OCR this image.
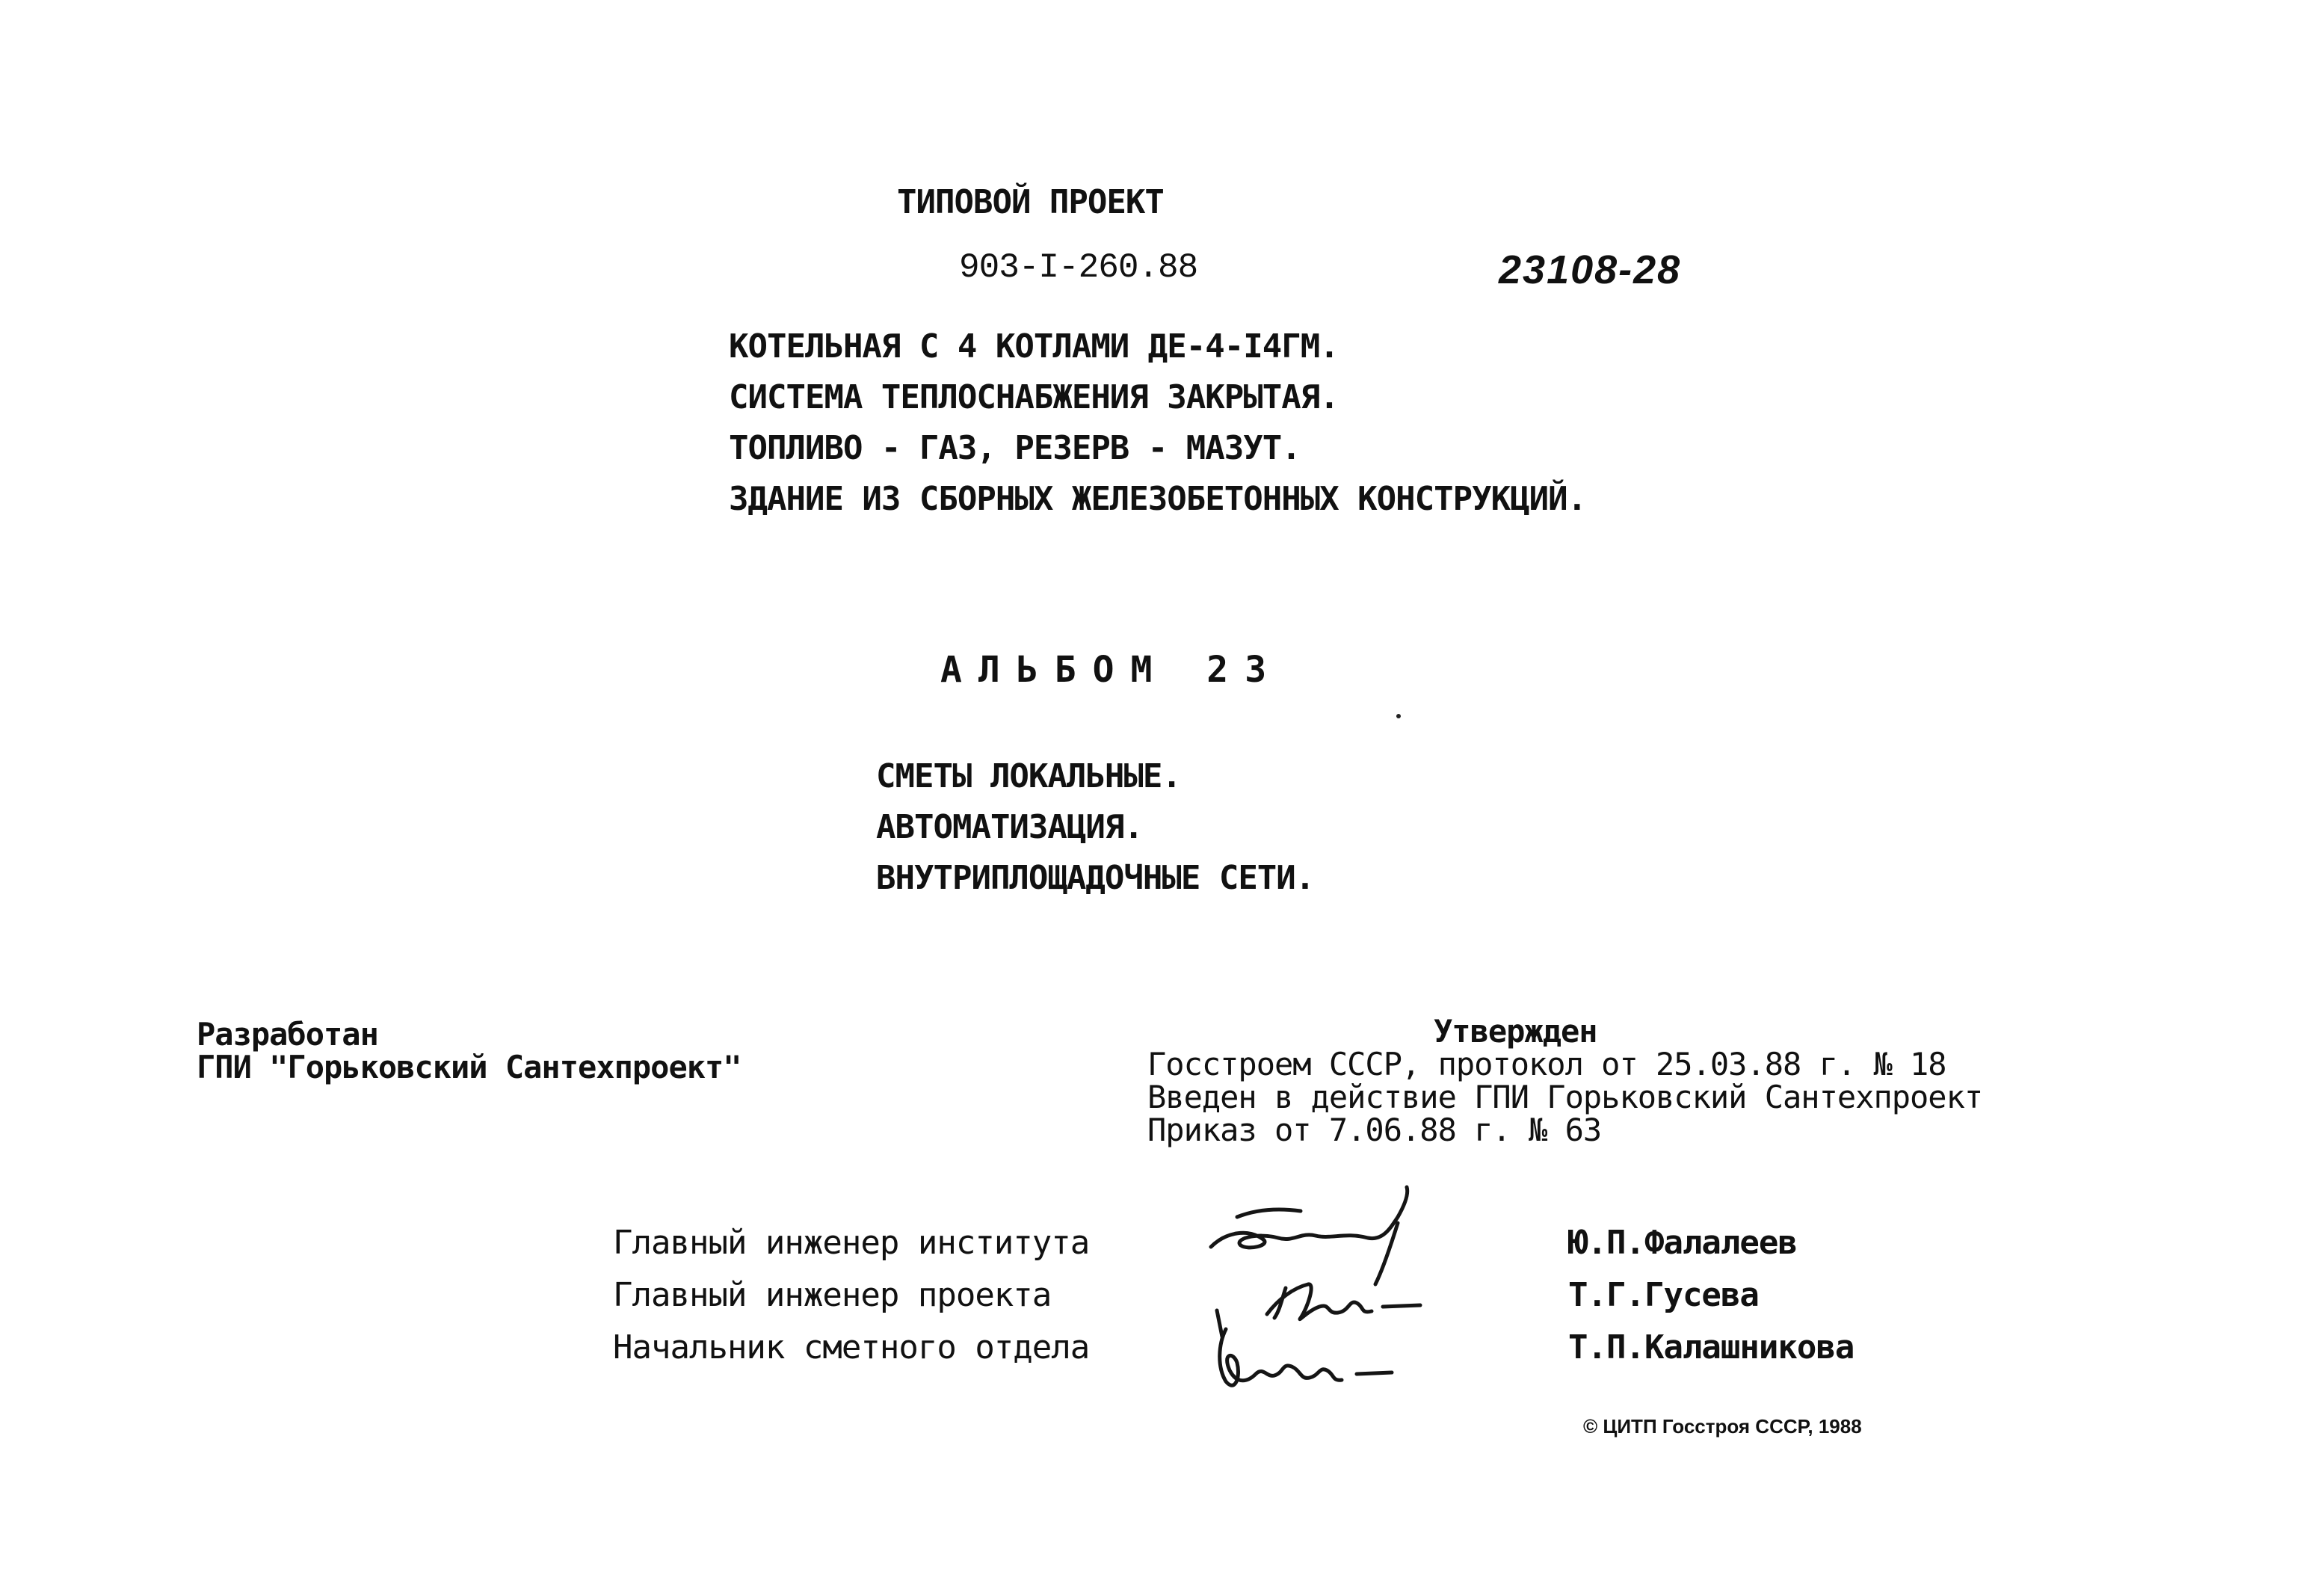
ТИПОВОЙ ПРОЕКТ
903-I-260.88	23108-28
КОТЕЛЬНАЯ С 4 КОТЛАМИ ДЕ-4-I4ГМ.
СИСТЕМА ТЕПЛОСНАБЖЕНИЯ ЗАКРЫТАЯ.
ТОПЛИВО - ГАЗ, РЕЗЕРВ - МАЗУТ.
ЗДАНИЕ ИЗ СБОРНЫХ ЖЕЛЕЗОБЕТОННЫХ КОНСТРУКЦИЙ.
АЛЬБОМ 23
СМЕТЫ ЛОКАЛЬНЫЕ.
АВТОМАТИЗАЦИЯ.
ВНУТРИПЛОЩАДОЧНЫЕ СЕТИ.
Разработан
ГПИ "Горьковский Сантехпроект"
Утвержден
Госстроем СССР, протокол от 25.03.88 г. № 18
Введен в действие ГПИ Горьковский Сантехпроект
Приказ от 7.06.88 г. № 63
Главный инженер института
Главный инженер проекта
Начальник сметного отдела
Ю.П.Фалалеев
Т.Г.Гусева
Т.П.Калашникова
© ЦИТП Госстроя СССР, 1988
